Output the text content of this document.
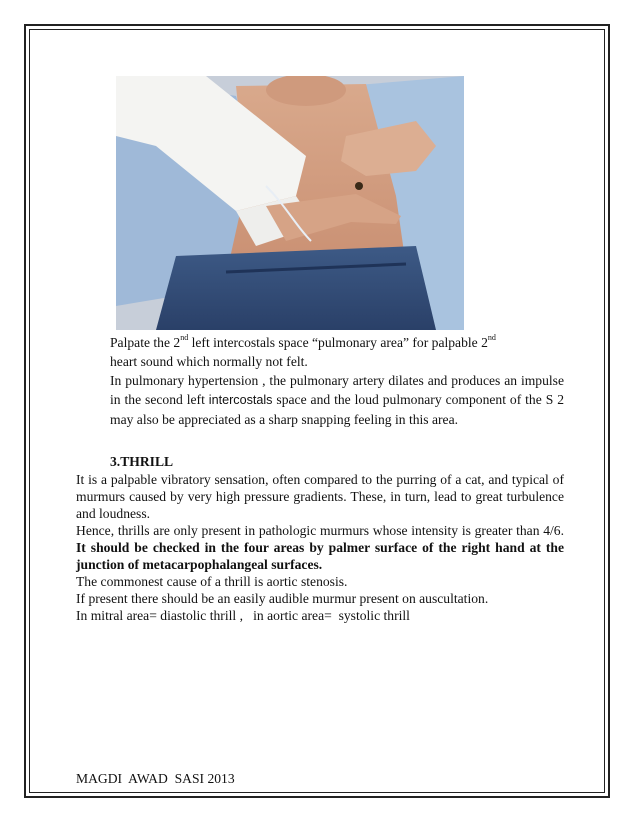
Palpate the 2nd left intercostals space “pulmonary area” for palpable 2nd

heart sound which normally not felt.

In pulmonary hypertension , the pulmonary artery dilates and produces an impulse in the second left intercostals space and the loud pulmonary component of the S 2 may also be appreciated as a sharp snapping feeling in this area.

3.THRILL

It is a palpable vibratory sensation, often compared to the purring of a cat, and typical of murmurs caused by very high pressure gradients. These, in turn, lead to great turbulence and loudness.

Hence, thrills are only present in pathologic murmurs whose intensity is greater than 4/6. It should be checked in the four areas by palmer surface of the right hand at the junction of metacarpophalangeal surfaces.

The commonest cause of a thrill is aortic stenosis.

If present there should be an easily audible murmur present on auscultation.

In mitral area= diastolic thrill ,   in aortic area=  systolic thrill

MAGDI  AWAD  SASI 2013
